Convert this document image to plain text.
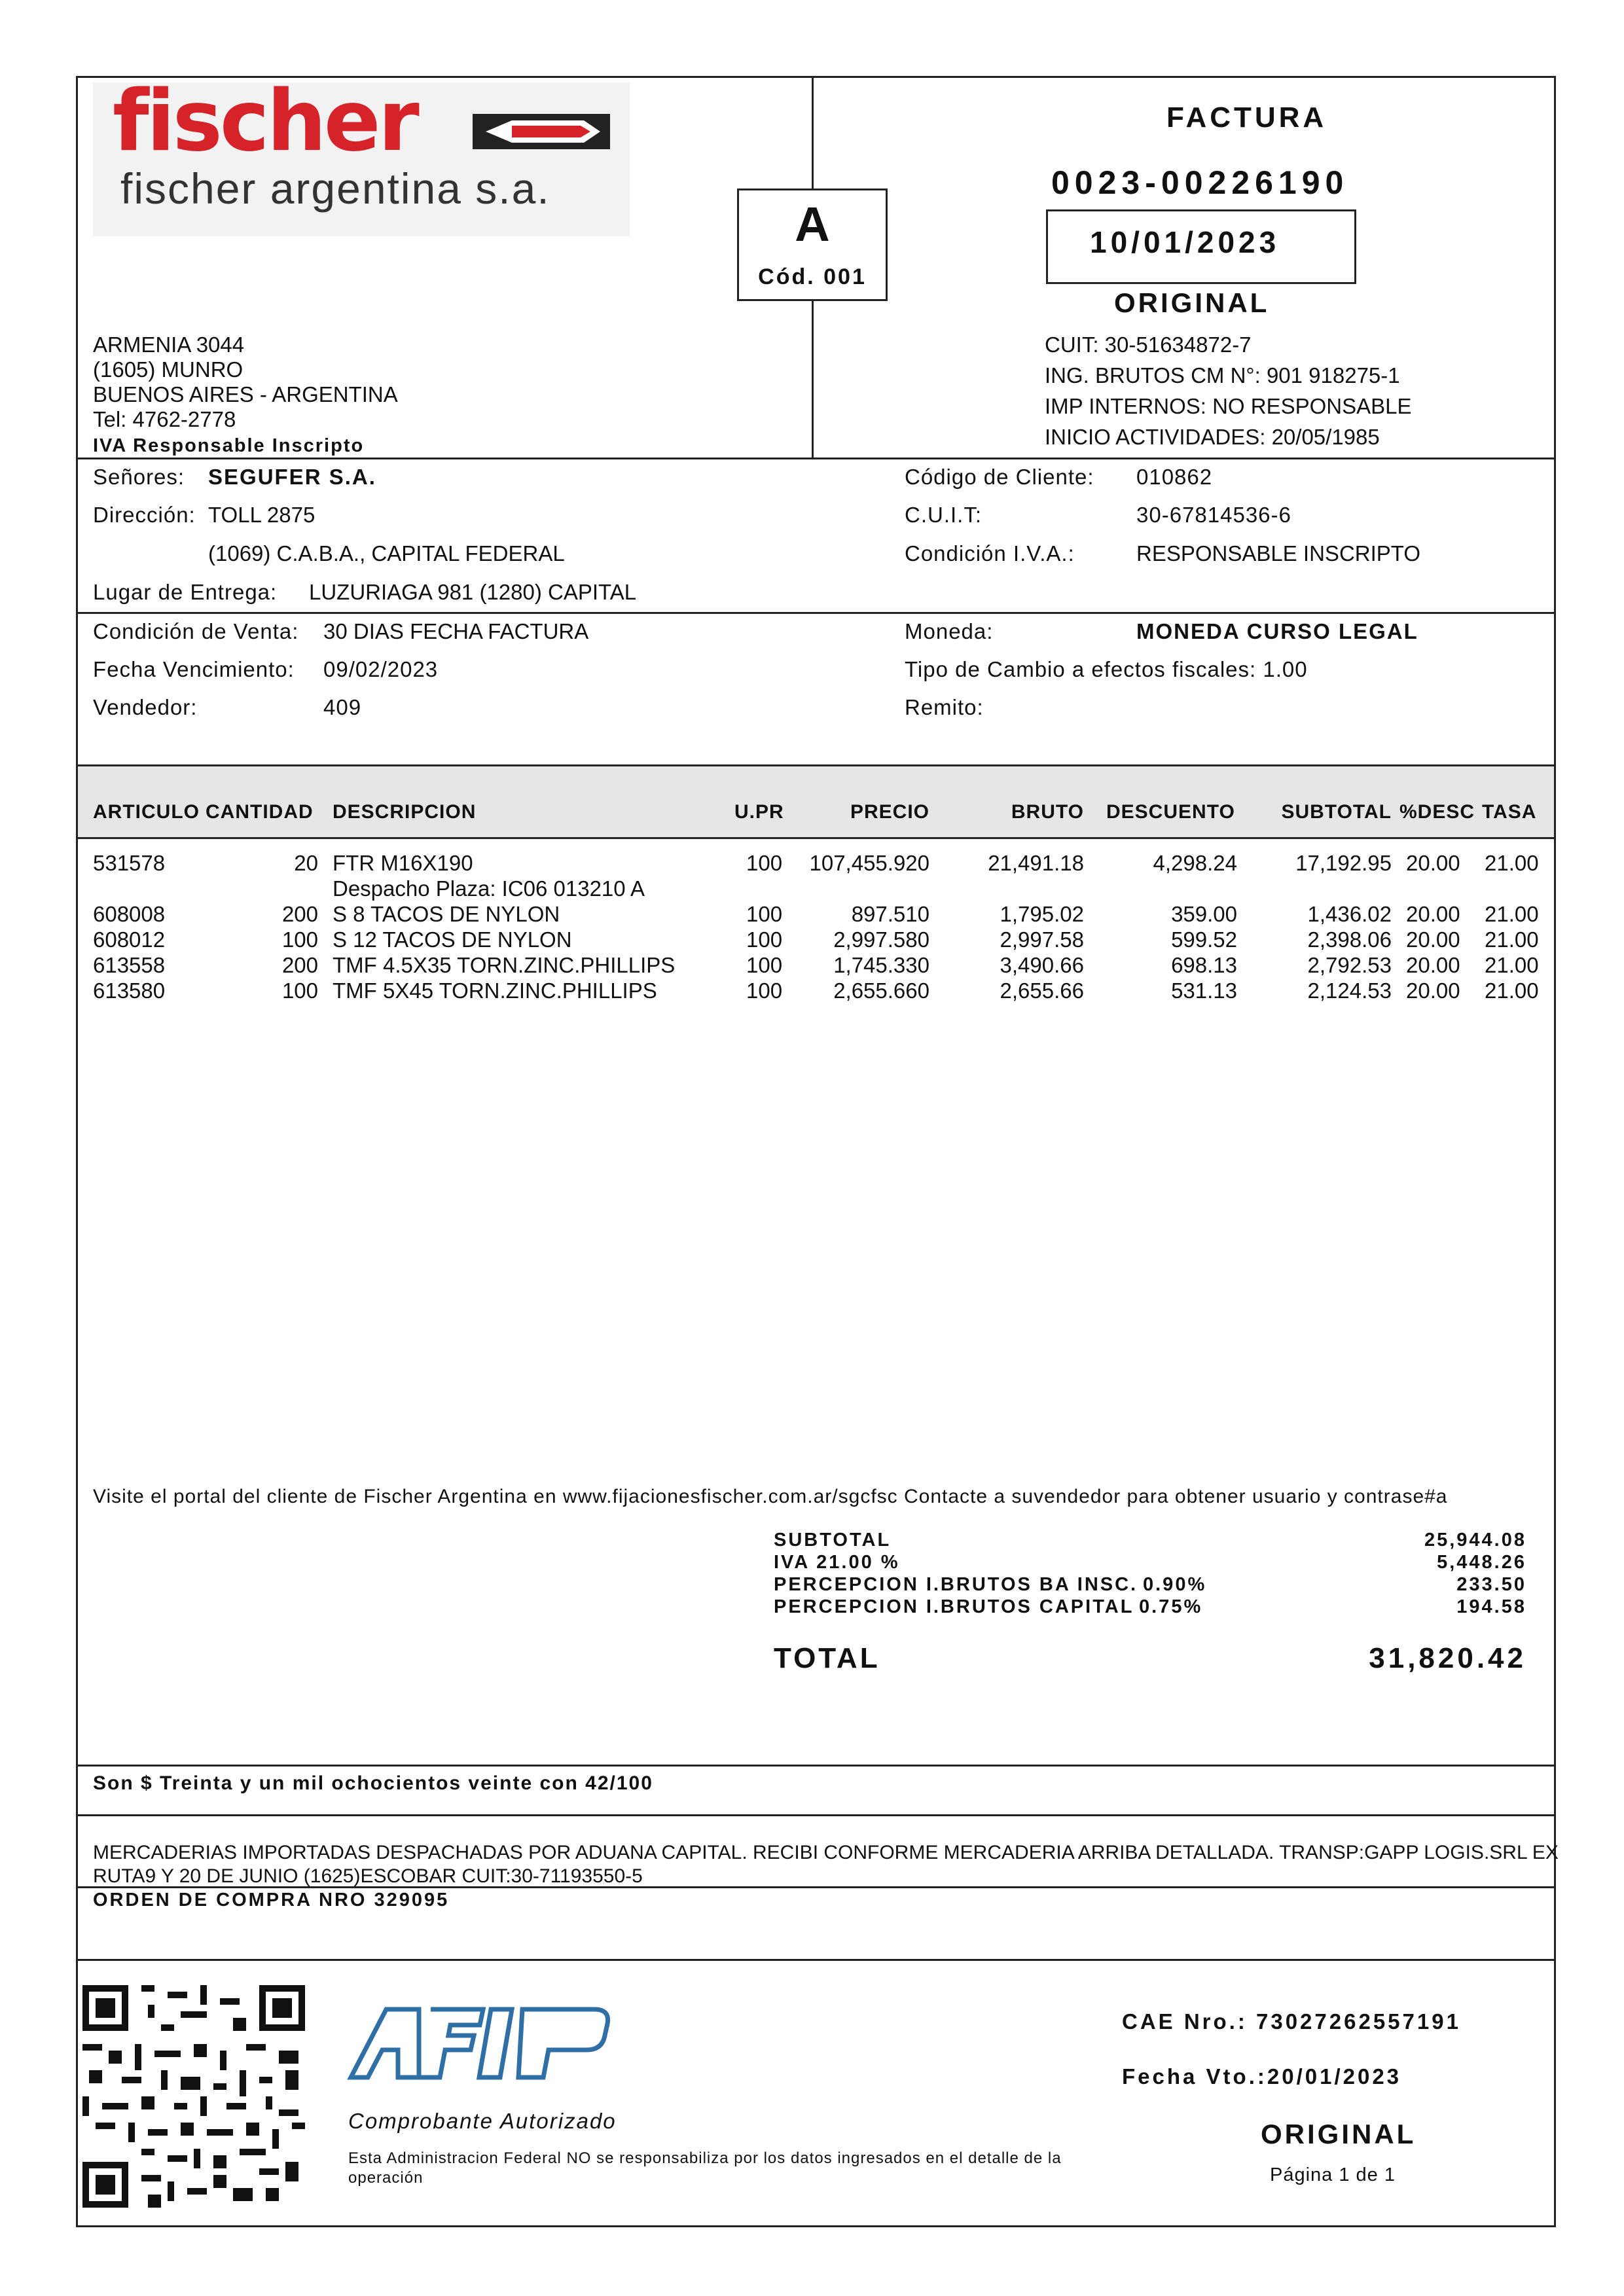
fischer
fischer argentina s.a.
ARMENIA 3044
(1605) MUNRO
BUENOS AIRES - ARGENTINA
Tel: 4762-2778
IVA Responsable Inscripto
A
Cód. 001
FACTURA
0023-00226190
10/01/2023
ORIGINAL
CUIT: 30-51634872-7
ING. BRUTOS CM N°: 901 918275-1
IMP INTERNOS: NO RESPONSABLE
INICIO ACTIVIDADES: 20/05/1985
Señores: SEGUFER S.A.
Dirección: TOLL 2875
(1069) C.A.B.A., CAPITAL FEDERAL
Lugar de Entrega: LUZURIAGA 981 (1280) CAPITAL
Código de Cliente: 010862
C.U.I.T:	30-67814536-6
Condición I.V.A.:	RESPONSABLE INSCRIPTO
Condición de Venta: 30 DIAS FECHA FACTURA
Fecha Vencimiento: 09/02/2023
Vendedor:	409
Moneda:	MONEDA CURSO LEGAL
Tipo de Cambio a efectos fiscales: 1.00
Remito:
ARTICULO CANTIDAD DESCRIPCION	U.PR	PRECIO	BRUTO DESCUENTO	SUBTOTAL %DESC TASA
531578	20 FTR M16X190	100	107,455.920	21,491.18	4,298.24	17,192.95 20.00 21.00
Despacho Plaza: IC06 013210 A
608008	200 S 8 TACOS DE NYLON	100	897.510	1,795.02	359.00	1,436.02 20.00 21.00
608012	100 S 12 TACOS DE NYLON	100	2,997.580	2,997.58	599.52	2,398.06 20.00 21.00
613558	200 TMF 4.5X35 TORN.ZINC.PHILLIPS	100	1,745.330	3,490.66	698.13	2,792.53 20.00 21.00
613580	100 TMF 5X45 TORN.ZINC.PHILLIPS	100	2,655.660	2,655.66	531.13	2,124.53 20.00 21.00
Visite el portal del cliente de Fischer Argentina en www.fijacionesfischer.com.ar/sgcfsc Contacte a suvendedor para obtener usuario y contrase#a
SUBTOTAL	25,944.08
IVA 21.00 %	5,448.26
PERCEPCION I.BRUTOS BA INSC. 0.90%	233.50
PERCEPCION I.BRUTOS CAPITAL 0.75%	194.58
TOTAL	31,820.42
Son $ Treinta y un mil ochocientos veinte con 42/100
MERCADERIAS IMPORTADAS DESPACHADAS POR ADUANA CAPITAL. RECIBI CONFORME MERCADERIA ARRIBA DETALLADA. TRANSP:GAPP LOGIS.SRL EX
RUTA9 Y 20 DE JUNIO (1625)ESCOBAR CUIT:30-71193550-5
ORDEN DE COMPRA NRO 329095
Comprobante Autorizado
Esta Administracion Federal NO se responsabiliza por los datos ingresados en el detalle de la
operación
CAE Nro.: 73027262557191
Fecha Vto.:20/01/2023
ORIGINAL
Página 1 de 1
